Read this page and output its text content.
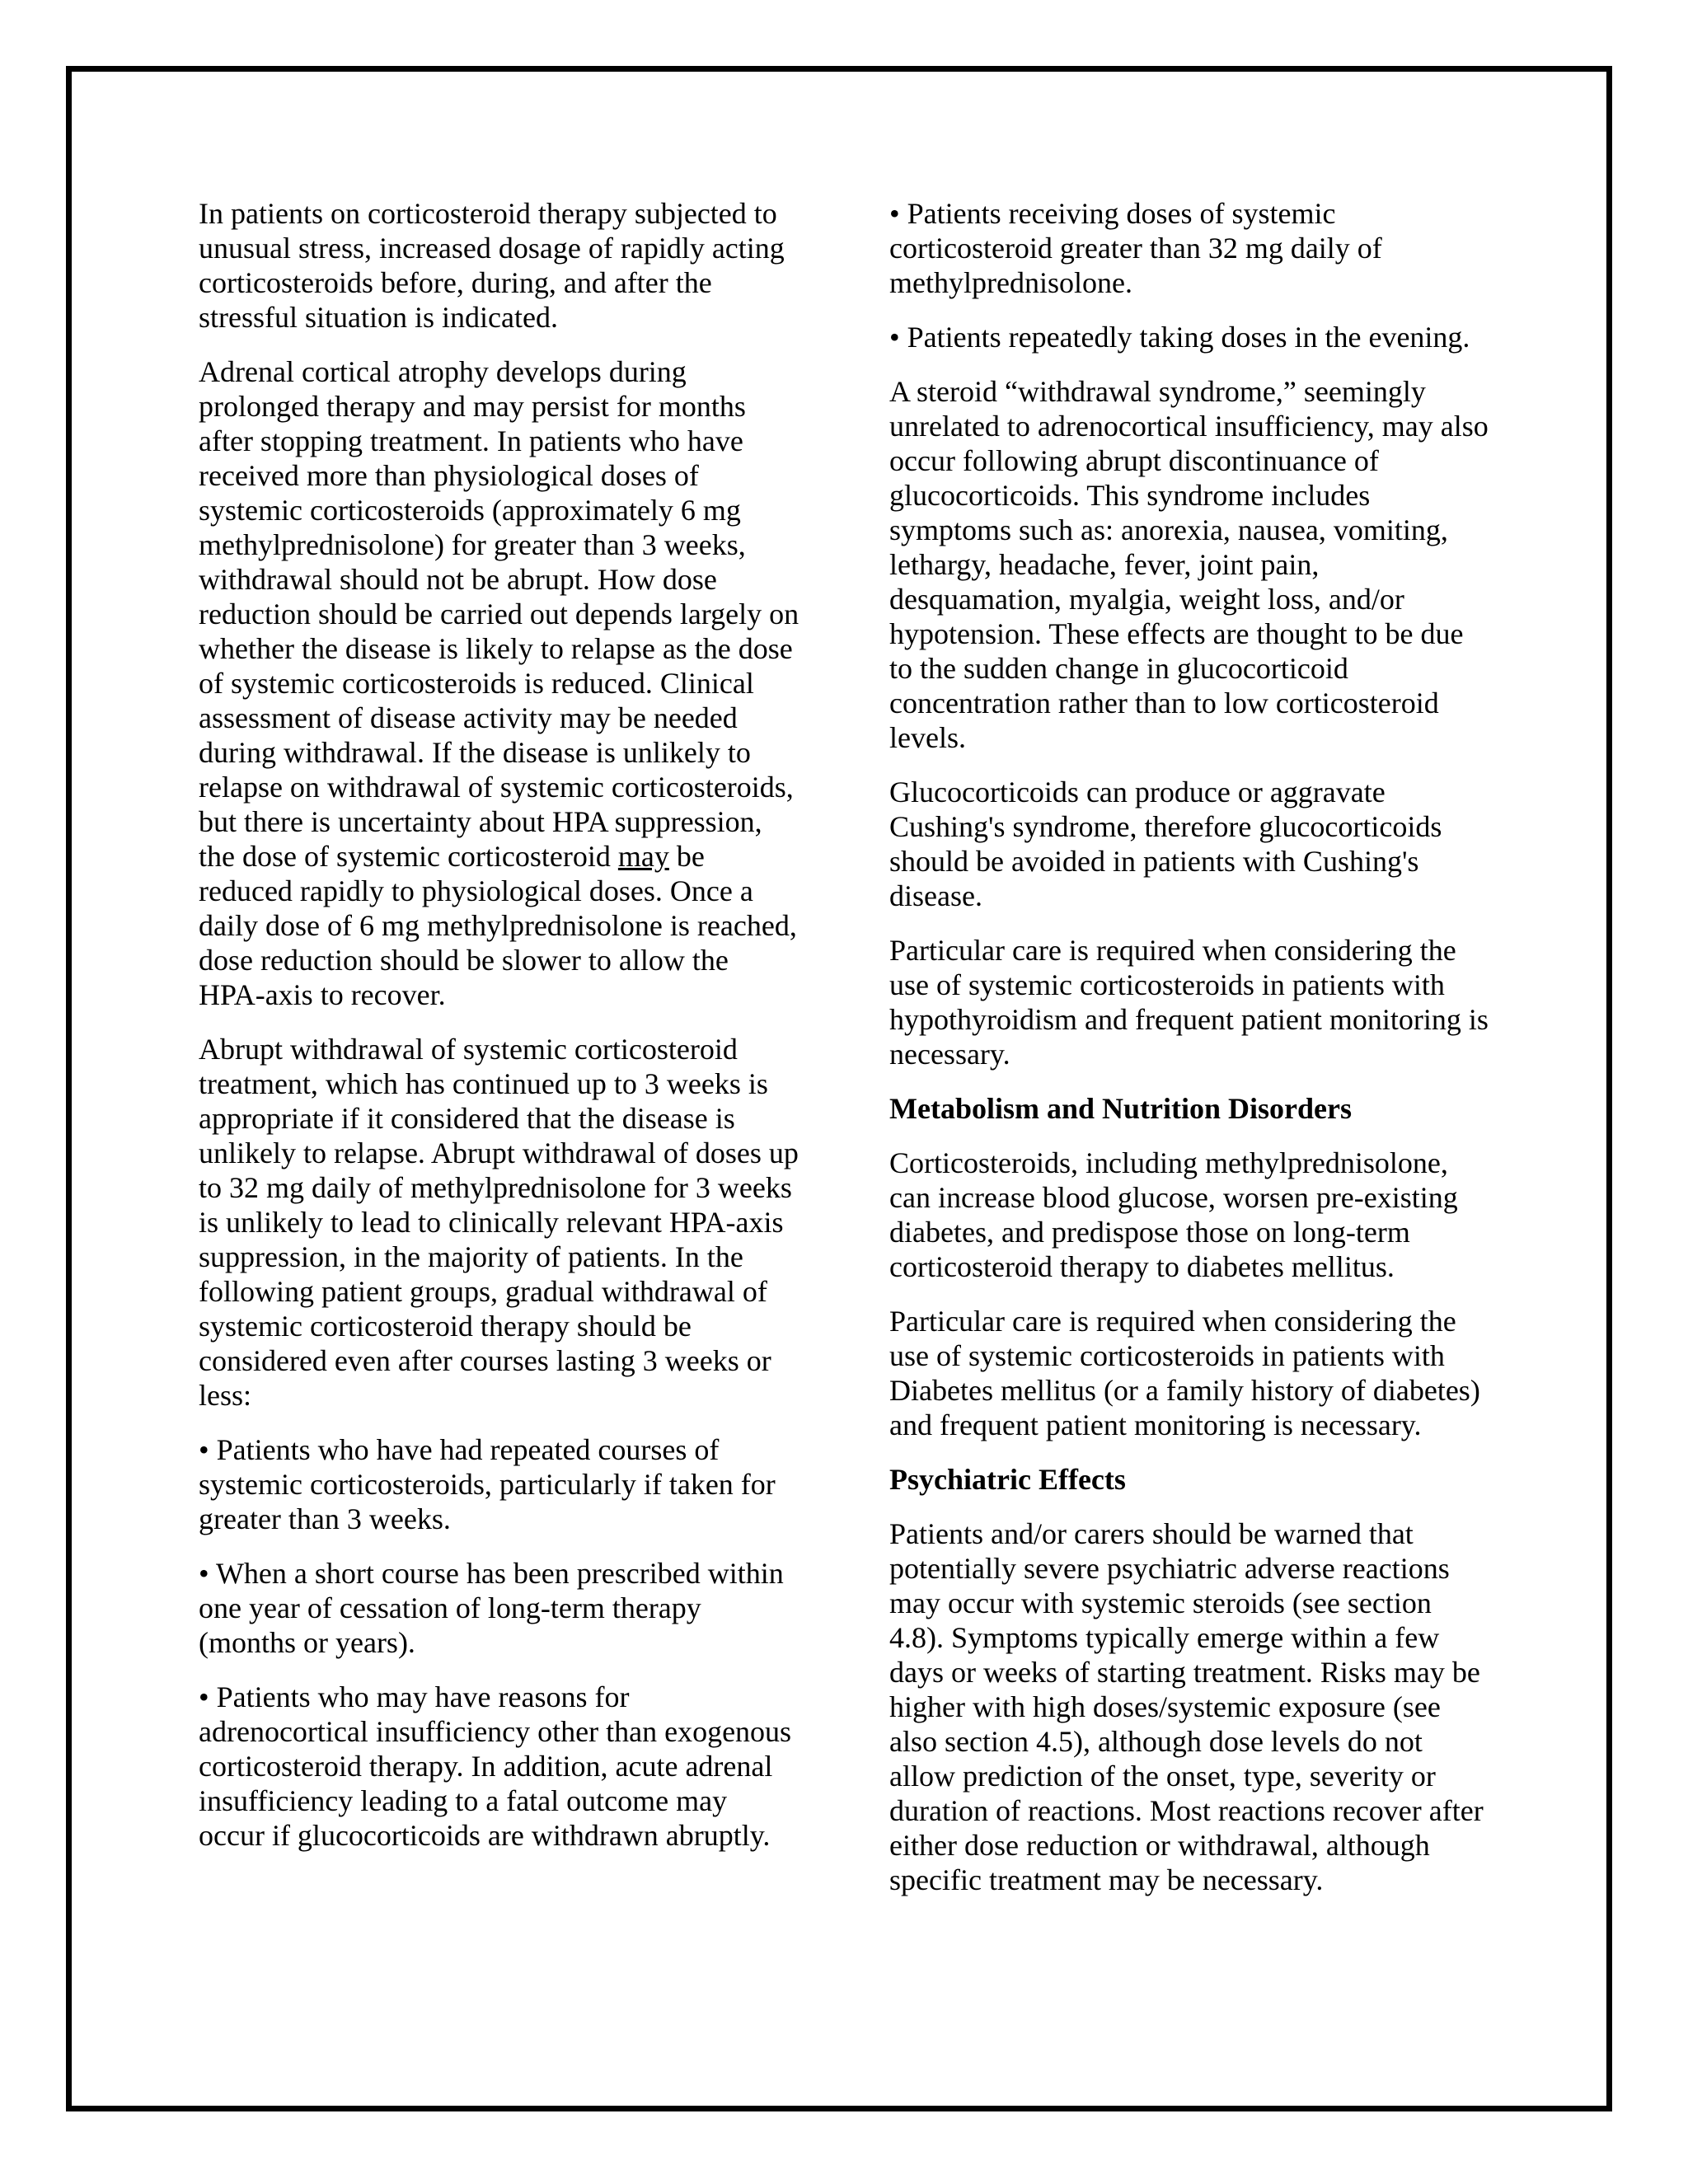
In patients on corticosteroid therapy subjected to unusual stress, increased dosage of rapidly acting corticosteroids before, during, and after the stressful situation is indicated.

Adrenal cortical atrophy develops during prolonged therapy and may persist for months after stopping treatment. In patients who have received more than physiological doses of systemic corticosteroids (approximately 6 mg methylprednisolone) for greater than 3 weeks, withdrawal should not be abrupt. How dose reduction should be carried out depends largely on whether the disease is likely to relapse as the dose of systemic corticosteroids is reduced. Clinical assessment of disease activity may be needed during withdrawal. If the disease is unlikely to relapse on withdrawal of systemic corticosteroids, but there is uncertainty about HPA suppression, the dose of systemic corticosteroid may be reduced rapidly to physiological doses. Once a daily dose of 6 mg methylprednisolone is reached, dose reduction should be slower to allow the HPA-axis to recover.

Abrupt withdrawal of systemic corticosteroid treatment, which has continued up to 3 weeks is appropriate if it considered that the disease is unlikely to relapse. Abrupt withdrawal of doses up to 32 mg daily of methylprednisolone for 3 weeks is unlikely to lead to clinically relevant HPA-axis suppression, in the majority of patients. In the following patient groups, gradual withdrawal of systemic corticosteroid therapy should be considered even after courses lasting 3 weeks or less:

• Patients who have had repeated courses of systemic corticosteroids, particularly if taken for greater than 3 weeks.

• When a short course has been prescribed within one year of cessation of long-term therapy (months or years).

• Patients who may have reasons for adrenocortical insufficiency other than exogenous corticosteroid therapy. In addition, acute adrenal insufficiency leading to a fatal outcome may occur if glucocorticoids are withdrawn abruptly.

• Patients receiving doses of systemic corticosteroid greater than 32 mg daily of methylprednisolone.

• Patients repeatedly taking doses in the evening.

A steroid “withdrawal syndrome,” seemingly unrelated to adrenocortical insufficiency, may also occur following abrupt discontinuance of glucocorticoids. This syndrome includes symptoms such as: anorexia, nausea, vomiting, lethargy, headache, fever, joint pain, desquamation, myalgia, weight loss, and/or hypotension. These effects are thought to be due to the sudden change in glucocorticoid concentration rather than to low corticosteroid levels.

Glucocorticoids can produce or aggravate Cushing's syndrome, therefore glucocorticoids should be avoided in patients with Cushing's disease.

Particular care is required when considering the use of systemic corticosteroids in patients with hypothyroidism and frequent patient monitoring is necessary.

Metabolism and Nutrition Disorders

Corticosteroids, including methylprednisolone, can increase blood glucose, worsen pre-existing diabetes, and predispose those on long-term corticosteroid therapy to diabetes mellitus.

Particular care is required when considering the use of systemic corticosteroids in patients with Diabetes mellitus (or a family history of diabetes) and frequent patient monitoring is necessary.

Psychiatric Effects

Patients and/or carers should be warned that potentially severe psychiatric adverse reactions may occur with systemic steroids (see section 4.8). Symptoms typically emerge within a few days or weeks of starting treatment. Risks may be higher with high doses/systemic exposure (see also section 4.5), although dose levels do not allow prediction of the onset, type, severity or duration of reactions. Most reactions recover after either dose reduction or withdrawal, although specific treatment may be necessary.
